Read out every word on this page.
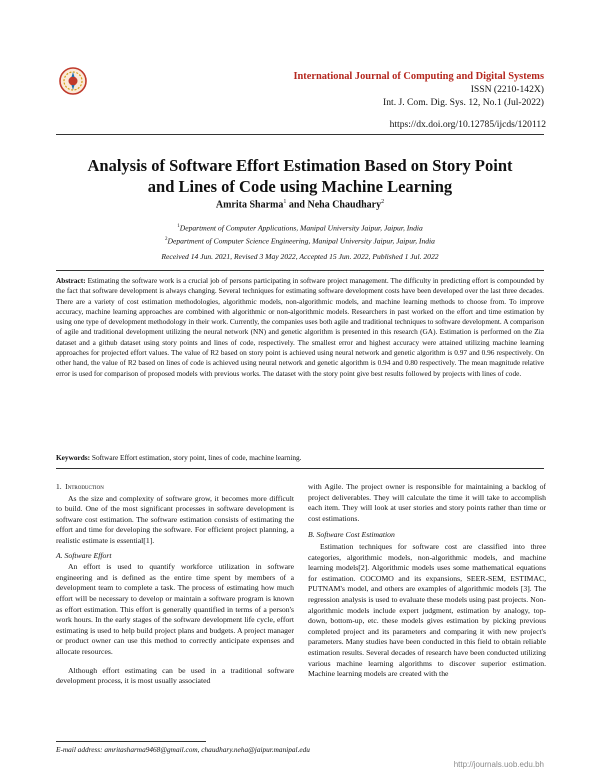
International Journal of Computing and Digital Systems
ISSN (2210-142X)
Int. J. Com. Dig. Sys. 12, No.1 (Jul-2022)
https://dx.doi.org/10.12785/ijcds/120112
Analysis of Software Effort Estimation Based on Story Point
and Lines of Code using Machine Learning
Amrita Sharma$^1$ and Neha Chaudhary$^2$
$^1$Department of Computer Applications, Manipal University Jaipur, Jaipur, India
$^2$Department of Computer Science Engineering, Manipal University Jaipur, Jaipur, India
Received 14 Jun. 2021, Revised 3 May 2022, Accepted 15 Jun. 2022, Published 1 Jul. 2022
Abstract: Estimating the software work is a crucial job of persons participating in software project management. The difficulty in predicting effort is compounded by the fact that software development is always changing. Several techniques for estimating software development costs have been developed over the last three decades. There are a variety of cost estimation methodologies, algorithmic models, non-algorithmic models, and machine learning methods to choose from. To improve accuracy, machine learning approaches are combined with algorithmic or non-algorithmic models. Researchers in past worked on the effort and time estimation by using one type of development methodology in their work. Currently, the companies uses both agile and traditional techniques to software development. A comparison of agile and traditional development utilizing the neural network (NN) and genetic algorithm is presented in this research (GA). Estimation is performed on the Zia dataset and a github dataset using story points and lines of code, respectively. The smallest error and highest accuracy were attained utilizing machine learning approaches for projected effort values. The value of R2 based on story point is achieved using neural network and genetic algorithm is 0.97 and 0.96 respectively. On other hand, the value of R2 based on lines of code is achieved using neural network and genetic algorithm is 0.94 and 0.80 respectively. The mean magnitude relative error is used for comparison of proposed models with previous works. The dataset with the story point give best results followed by projects with lines of code.
Keywords: Software Effort estimation, story point, lines of code, machine learning.
1. Introduction

As the size and complexity of software grow, it becomes more difficult to build. One of the most significant processes in software development is software cost estimation. The software estimation consists of estimating the effort and time for developing the software. For efficient project planning, a realistic estimate is essential[1].

A. Software Effort

An effort is used to quantify workforce utilization in software engineering and is defined as the entire time spent by members of a development team to complete a task. The process of estimating how much effort will be necessary to develop or maintain a software program is known as effort estimation. This effort is generally quantified in terms of a person's work hours. In the early stages of the software development life cycle, effort estimating is used to help build project plans and budgets. A project manager or product owner can use this method to correctly anticipate expenses and allocate resources.

Although effort estimating can be used in a traditional software development process, it is most usually associated

with Agile. The project owner is responsible for maintaining a backlog of project deliverables. They will calculate the time it will take to accomplish each item. They will look at user stories and story points rather than time or cost estimations.

B. Software Cost Estimation

Estimation techniques for software cost are classified into three categories, algorithmic models, non-algorithmic models, and machine learning models[2]. Algorithmic models uses some mathematical equations for estimation. COCOMO and its expansions, SEER-SEM, ESTIMAC, PUTNAM's model, and others are examples of algorithmic models [3]. The regression analysis is used to evaluate these models using past projects. Non-algorithmic models include expert judgment, estimation by analogy, top-down, bottom-up, etc. these models gives estimation by picking previous completed project and its parameters and comparing it with new project's parameters. Many studies have been conducted in this field to obtain reliable estimation results. Several decades of research have been conducted utilizing various machine learning algorithms to discover superior estimation. Machine learning models are created with the

E-mail address: amritasharma9468@gmail.com, chaudhary.neha@jaipur.manipal.edu
http://journals.uob.edu.bh
